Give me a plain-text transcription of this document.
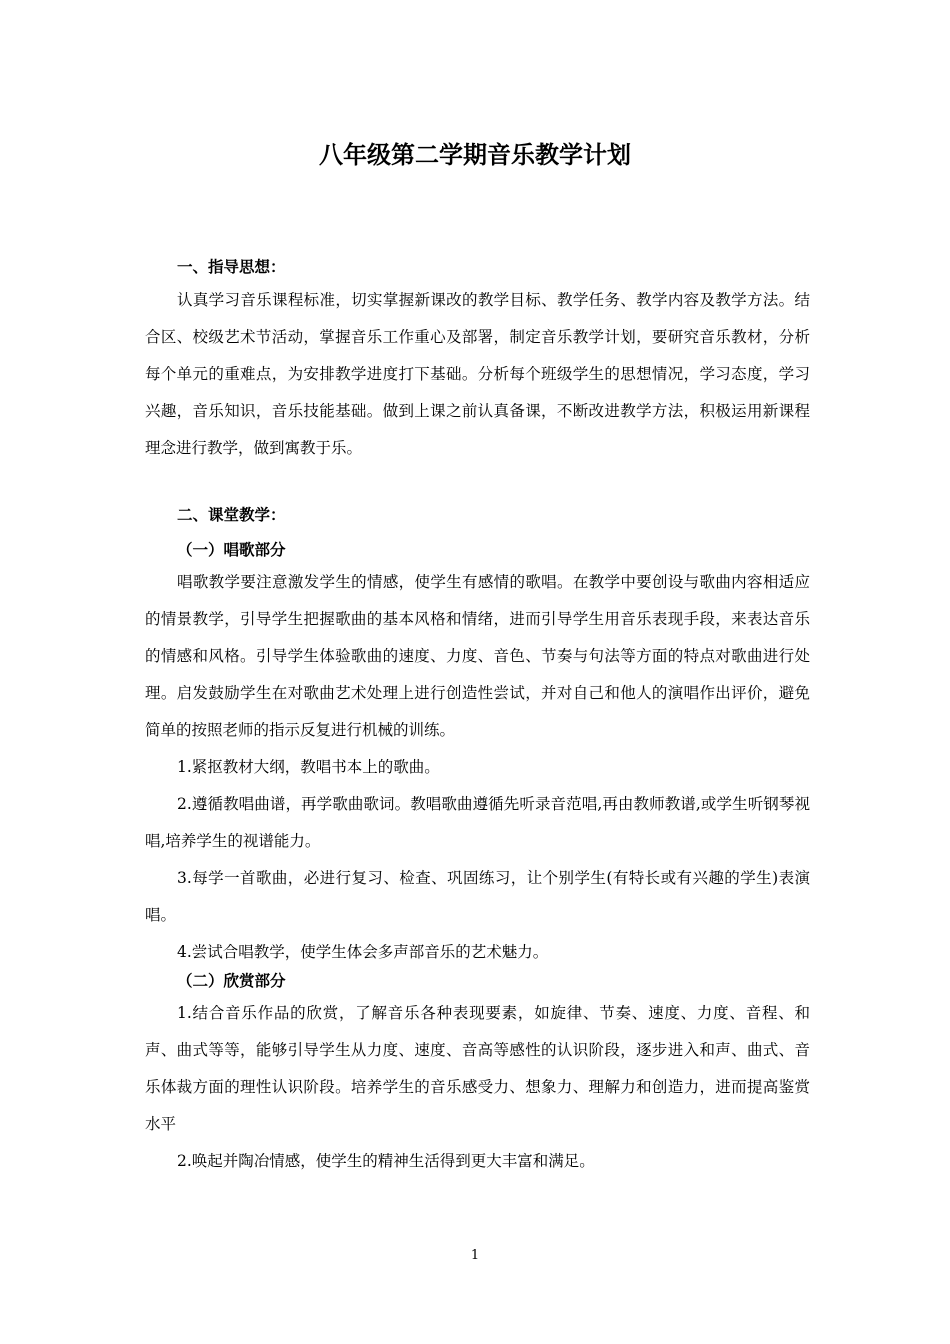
八年级第二学期音乐教学计划
一、指导思想：
认真学习音乐课程标准，切实掌握新课改的教学目标、教学任务、教学内容及教学方法。结合区、校级艺术节活动，掌握音乐工作重心及部署，制定音乐教学计划，要研究音乐教材，分析每个单元的重难点，为安排教学进度打下基础。分析每个班级学生的思想情况，学习态度，学习兴趣，音乐知识，音乐技能基础。做到上课之前认真备课，不断改进教学方法，积极运用新课程理念进行教学，做到寓教于乐。
二、课堂教学：
（一）唱歌部分
唱歌教学要注意激发学生的情感，使学生有感情的歌唱。在教学中要创设与歌曲内容相适应的情景教学，引导学生把握歌曲的基本风格和情绪，进而引导学生用音乐表现手段，来表达音乐的情感和风格。引导学生体验歌曲的速度、力度、音色、节奏与句法等方面的特点对歌曲进行处理。启发鼓励学生在对歌曲艺术处理上进行创造性尝试，并对自己和他人的演唱作出评价，避免简单的按照老师的指示反复进行机械的训练。
1.紧抠教材大纲，教唱书本上的歌曲。
2.遵循教唱曲谱，再学歌曲歌词。教唱歌曲遵循先听录音范唱,再由教师教谱,或学生听钢琴视唱,培养学生的视谱能力。
3.每学一首歌曲，必进行复习、检查、巩固练习，让个别学生(有特长或有兴趣的学生)表演唱。
4.尝试合唱教学，使学生体会多声部音乐的艺术魅力。
（二）欣赏部分
1.结合音乐作品的欣赏，了解音乐各种表现要素，如旋律、节奏、速度、力度、音程、和声、曲式等等，能够引导学生从力度、速度、音高等感性的认识阶段，逐步进入和声、曲式、音乐体裁方面的理性认识阶段。培养学生的音乐感受力、想象力、理解力和创造力，进而提高鉴赏水平
2.唤起并陶冶情感，使学生的精神生活得到更大丰富和满足。
1
